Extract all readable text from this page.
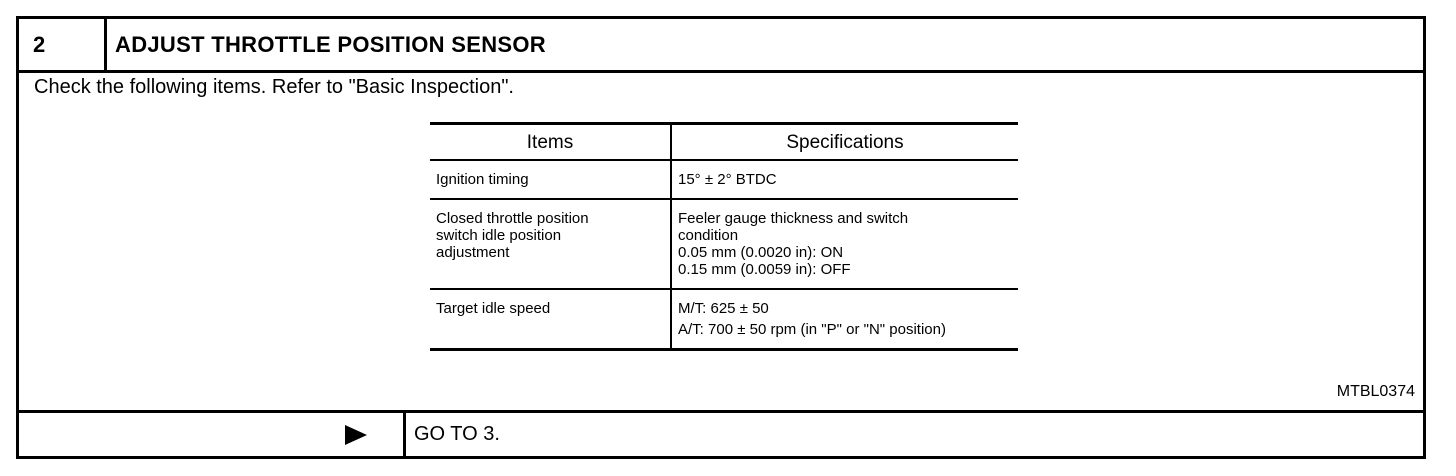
2	ADJUST THROTTLE POSITION SENSOR
Check the following items. Refer to "Basic Inspection".
Items	Specifications

Ignition timing	15° ± 2° BTDC

Closed throttle position
switch idle position
adjustment	Feeler gauge thickness and switch
condition
0.05 mm (0.0020 in): ON
0.15 mm (0.0059 in): OFF

Target idle speed	M/T: 625 ± 50
A/T: 700 ± 50 rpm (in "P" or "N" position)
MTBL0374
GO TO 3.
